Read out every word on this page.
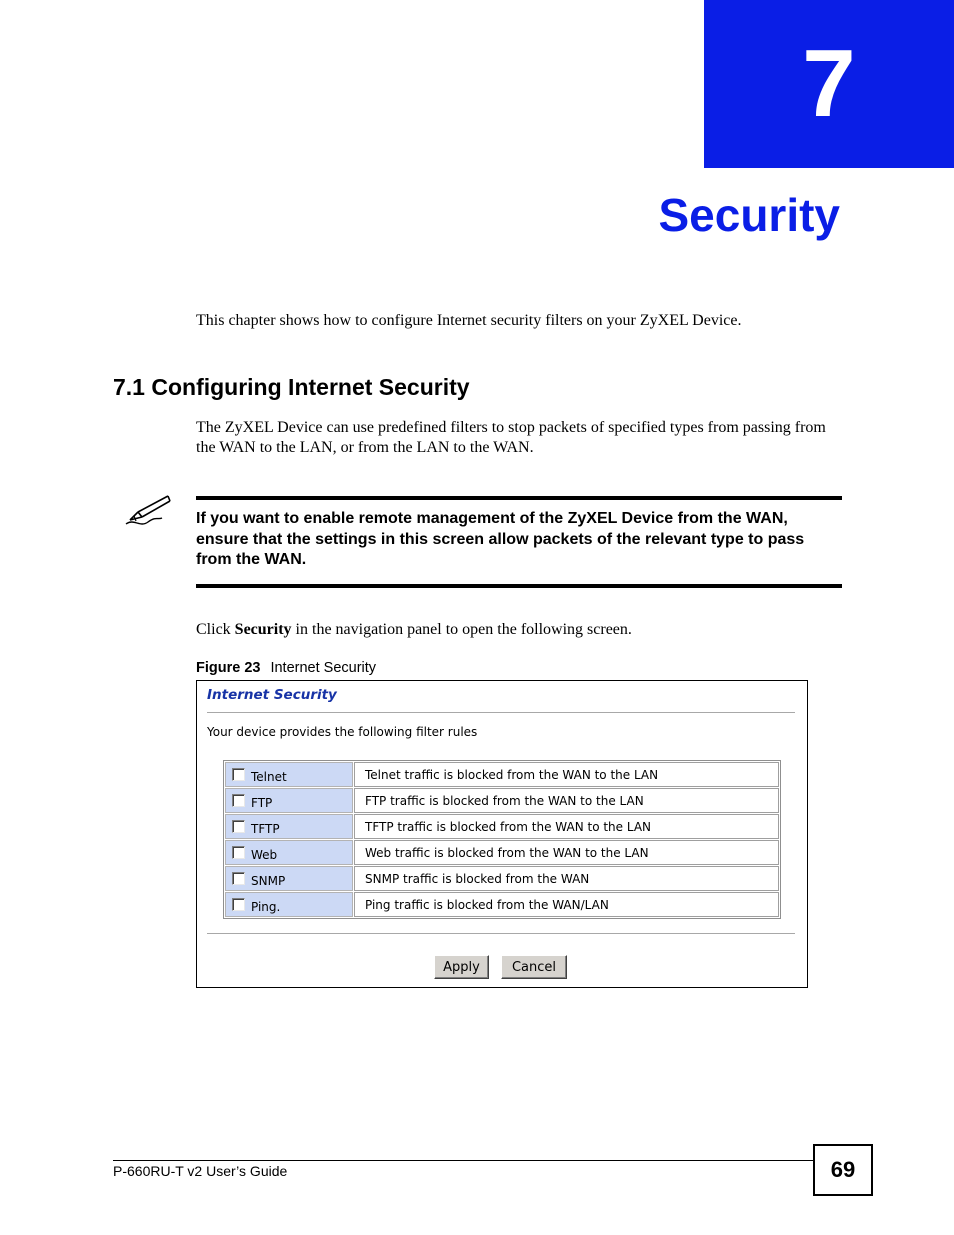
7
Security
This chapter shows how to configure Internet security filters on your ZyXEL Device.
7.1 Configuring Internet Security
The ZyXEL Device can use predefined filters to stop packets of specified types from passing from the WAN to the LAN, or from the LAN to the WAN.
If you want to enable remote management of the ZyXEL Device from the WAN, ensure that the settings in this screen allow packets of the relevant type to pass from the WAN.
Click Security in the navigation panel to open the following screen.
Figure 23 Internet Security
Internet Security
Your device provides the following filter rules
Telnet	Telnet traffic is blocked from the WAN to the LAN

FTP	FTP traffic is blocked from the WAN to the LAN

TFTP	TFTP traffic is blocked from the WAN to the LAN

Web	Web traffic is blocked from the WAN to the LAN

SNMP	SNMP traffic is blocked from the WAN

Ping.	Ping traffic is blocked from the WAN/LAN
Apply	Cancel
P-660RU-T v2 User’s Guide	69
